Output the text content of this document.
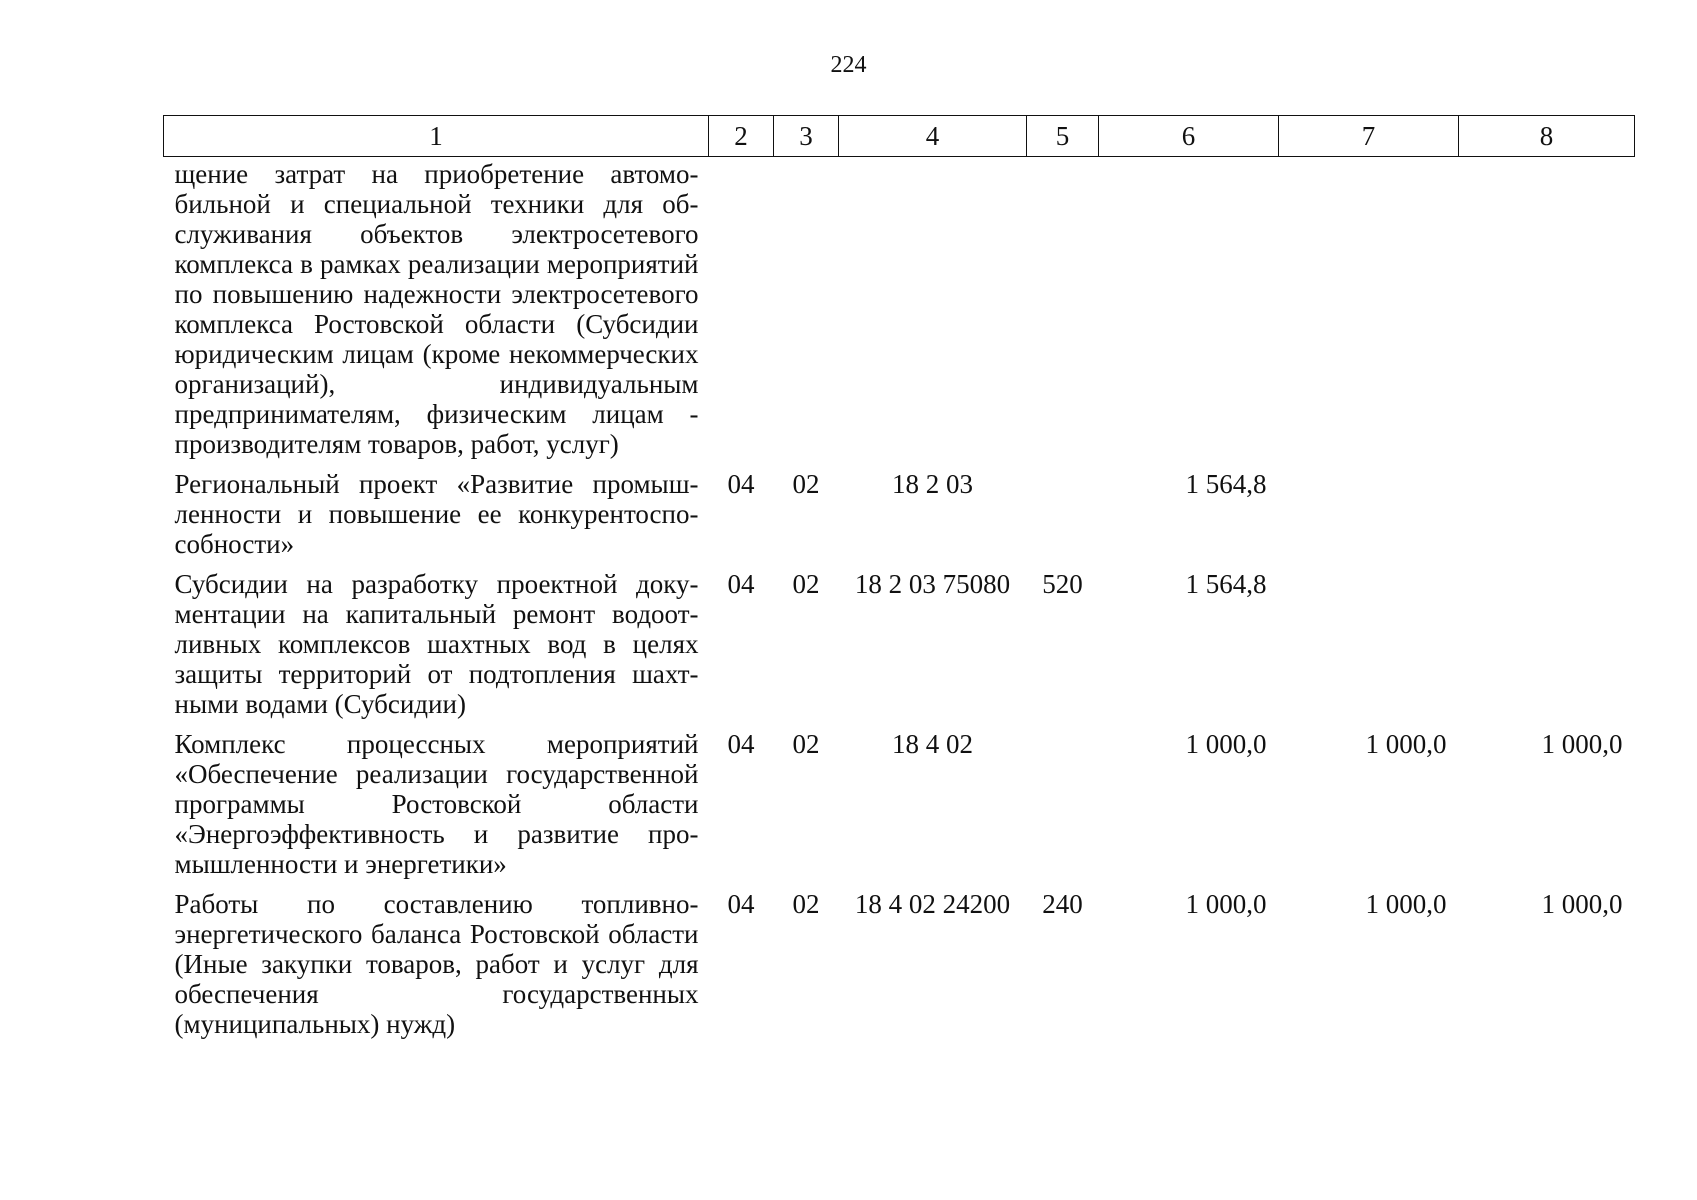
224
1	2	3	4	5	6	7	8
щение затрат на приобретение автомобильной и специальной техники для обслуживания объектов электросетевого комплекса в рамках реализации мероприятий по повышению надежности электросетевого комплекса Ростовской области (Субсидии юридическим лицам (кроме некоммерческих организаций), индивидуальным предпринимателям, физическим лицам - производителям товаров, работ, услуг)							
Региональный проект «Развитие промышленности и повышение ее конкурентоспособности»	04	02	18 2 03		1 564,8		
Субсидии на разработку проектной документации на капитальный ремонт водоотливных комплексов шахтных вод в целях защиты территорий от подтопления шахтными водами (Субсидии)	04	02	18 2 03 75080	520	1 564,8		
Комплекс процессных мероприятий «Обеспечение реализации государственной программы Ростовской области «Энергоэффективность и развитие промышленности и энергетики»	04	02	18 4 02		1 000,0	1 000,0	1 000,0
Работы по составлению топливно-энергетического баланса Ростовской области (Иные закупки товаров, работ и услуг для обеспечения государственных (муниципальных) нужд)	04	02	18 4 02 24200	240	1 000,0	1 000,0	1 000,0
